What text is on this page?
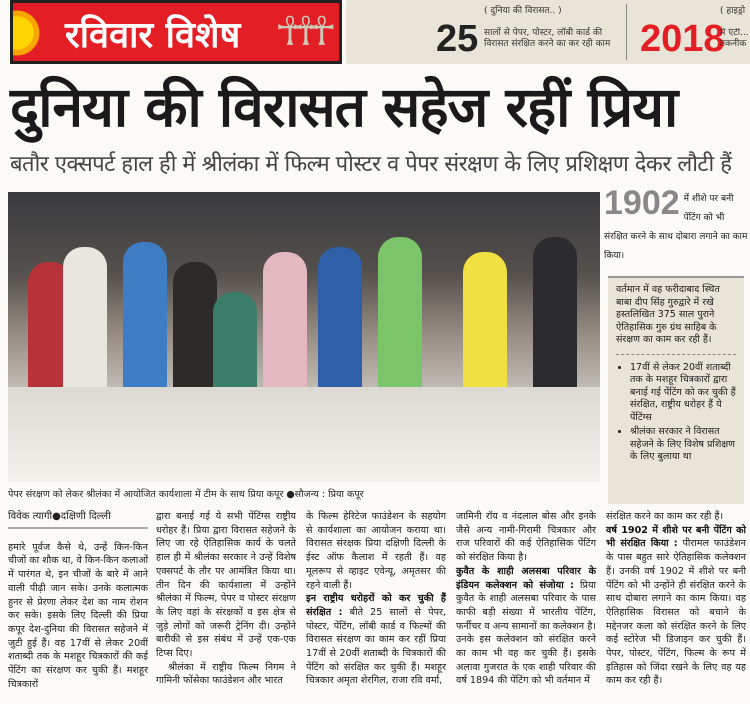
रविवार विशेष ☥☥☥	( दुनिया की विरासत.. )
25 सालों से पेपर, पोस्टर, लॉबी कार्ड की विरासत संरक्षित करने का कर रही काम
( हाइड्रो
2018
में एंटी... तकनीक
दुनिया की विरासत सहेज रहीं प्रिया
बतौर एक्सपर्ट हाल ही में श्रीलंका में फिल्म पोस्टर व पेपर संरक्षण के लिए प्रशिक्षण देकर लौटी हैं
पेपर संरक्षण को लेकर श्रीलंका में आयोजित कार्यशाला में टीम के साथ प्रिया कपूर ●सौजन्य : प्रिया कपूर
1902 में शीशे पर बनी पेंटिंग को भी संरक्षित करने के साथ दोबारा लगाने का काम किया।

वर्तमान में वह फरीदाबाद स्थित बाबा दीप सिंह गुरुद्वारे में रखे हस्तलिखित 375 साल पुराने ऐतिहासिक गुरु ग्रंथ साहिब के संरक्षण का काम कर रही हैं।

• 17वीं से लेकर 20वीं शताब्दी तक के मशहूर चित्रकारों द्वारा बनाई गई पेंटिंग को कर चुकी हैं संरक्षित, राष्ट्रीय धरोहर हैं ये पेंटिंग्स
• श्रीलंका सरकार ने विरासत सहेजने के लिए विशेष प्रशिक्षण के लिए बुलाया था
विवेक त्यागी●दक्षिणी दिल्ली

हमारे पूर्वज कैसे थे, उन्हें किन-किन चीजों का शौक था, वे किन-किन कलाओं में पारंगत थे, इन चीजों के बारे में आने वाली पीढ़ी जान सके। उनके कलात्मक हुनर से प्रेरणा लेकर देश का नाम रोशन कर सके। इसके लिए दिल्ली की प्रिया कपूर देश-दुनिया की विरासत सहेजने में जुटी हुई हैं। वह 17वीं से लेकर 20वीं शताब्दी तक के मशहूर चित्रकारों की कई पेंटिंग का संरक्षण कर चुकी हैं। मशहूर चित्रकारों

द्वारा बनाई गई ये सभी पेंटिंग्स राष्ट्रीय धरोहर हैं। प्रिया द्वारा विरासत सहेजने के लिए जा रहे ऐतिहासिक कार्य के चलते हाल ही में श्रीलंका सरकार ने उन्हें विशेष एक्सपर्ट के तौर पर आमंत्रित किया था। तीन दिन की कार्यशाला में उन्होंने श्रीलंका में फिल्म, पेपर व पोस्टर संरक्षण के लिए वहां के संरक्षकों व इस क्षेत्र से जुड़े लोगों को जरूरी ट्रेनिंग दी। उन्होंने बारीकी से इस संबंध में उन्हें एक-एक टिप्स दिए।

श्रीलंका में राष्ट्रीय फिल्म निगम ने गामिनी फोंसेका फाउंडेशन और भारत

के फिल्म हेरिटेज फाउंडेशन के सहयोग से कार्यशाला का आयोजन कराया था। विरासत संरक्षक प्रिया दक्षिणी दिल्ली के ईस्ट ऑफ कैलाश में रहती हैं। वह मूलरूप से व्हाइट एवेन्यू, अमृतसर की रहने वाली हैं।

इन राष्ट्रीय धरोहरों को कर चुकी हैं संरक्षित : बीते 25 सालों से पेपर, पोस्टर, पेंटिंग, लॉबी कार्ड व फिल्मों की विरासत संरक्षण का काम कर रहीं प्रिया 17वीं से 20वीं शताब्दी के चित्रकारों की पेंटिंग को संरक्षित कर चुकी हैं। मशहूर चित्रकार अमृता शेरगिल, राजा रवि वर्मा,

जामिनी रॉय व नंदलाल बोस और इनके जैसे अन्य नामी-गिरामी चित्रकार और राज परिवारों की कई ऐतिहासिक पेंटिंग को संरक्षित किया है।

कुवैत के शाही अलसबा परिवार के इंडियन कलेक्शन को संजोया : प्रिया कुवैत के शाही अलसबा परिवार के पास काफी बड़ी संख्या में भारतीय पेंटिंग, फर्नीचर व अन्य सामानों का कलेक्शन है। उनके इस कलेक्शन को संरक्षित करने का काम भी वह कर चुकी हैं। इसके अलावा गुजरात के एक शाही परिवार की वर्ष 1894 की पेंटिंग को भी वर्तमान में

संरक्षित करने का काम कर रही हैं।

वर्ष 1902 में शीशे पर बनी पेंटिंग को भी संरक्षित किया : पीरामल फाउंडेशन के पास बहुत सारे ऐतिहासिक कलेक्शन हैं। उनकी वर्ष 1902 में शीशे पर बनी पेंटिंग को भी उन्होंने ही संरक्षित करने के साथ दोबारा लगाने का काम किया। वह ऐतिहासिक विरासत को बचाने के मद्देनजर कला को संरक्षित करने के लिए कई स्टोरेज भी डिजाइन कर चुकी हैं। पेपर, पोस्टर, पेंटिंग, फिल्म के रूप में इतिहास को जिंदा रखने के लिए वह यह काम कर रही हैं।
